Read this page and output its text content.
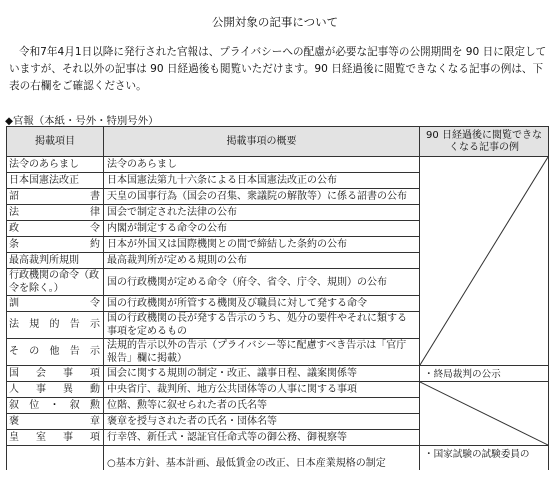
公開対象の記事について

令和7年4月1日以降に発行された官報は、プライバシーへの配慮が必要な記事等の公開期間を 90 日に限定していますが、それ以外の記事は 90 日経過後も閲覧いただけます。90 日経過後に閲覧できなくなる記事の例は、下表の右欄をご確認ください。

◆官報（本紙・号外・特別号外）
掲載項目	掲載事項の概要	90 日経過後に閲覧できなくなる記事の例
法令のあらまし	法令のあらまし	

日本国憲法改正	日本国憲法第九十六条による日本国憲法改正の公布	
詔書	天皇の国事行為（国会の召集、衆議院の解散等）に係る詔書の公布	
法律	国会で制定された法律の公布	
政令	内閣が制定する命令の公布	
条約	日本が外国又は国際機関との間で締結した条約の公布	
最高裁判所規則	最高裁判所が定める規則の公布	
行政機関の命令（政令を除く。）	国の行政機関が定める命令（府令、省令、庁令、規則）の公布	
訓令	国の行政機関が所管する機関及び職員に対して発する命令	
法規的告示	国の行政機関の長が発する告示のうち、処分の要件やそれに類する事項を定めるもの	
その他告示	法規的告示以外の告示（プライバシー等に配慮すべき告示は「官庁報告」欄に掲載）	
国会事項	国会に関する規則の制定・改正、議事日程、議案関係等	・終局裁判の公示

人事異動	中央省庁、裁判所、地方公共団体等の人事に関する事項	

叙位・叙勲	位階、勲等に叙せられた者の氏名等	
褒章	褒章を授与された者の氏名・団体名等	
皇室事項	行幸啓、新任式・認証官任命式等の御公務、御視察等	
	○基本方針、基本計画、最低賃金の改正、日本産業規格の制定	・国家試験の試験委員の
